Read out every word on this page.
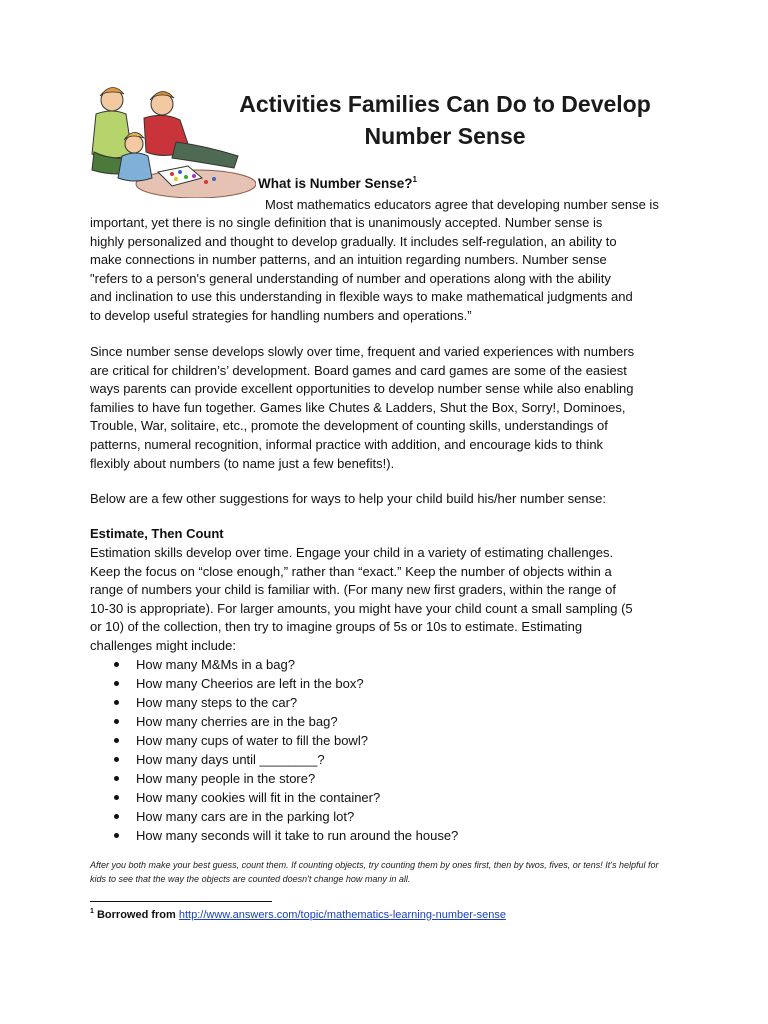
Activities Families Can Do to Develop
Number Sense
What is Number Sense?$^1$
Most mathematics educators agree that developing number sense is
important, yet there is no single definition that is unanimously accepted. Number sense is
highly personalized and thought to develop gradually. It includes self-regulation, an ability to
make connections in number patterns, and an intuition regarding numbers. Number sense
"refers to a person's general understanding of number and operations along with the ability
and inclination to use this understanding in flexible ways to make mathematical judgments and
to develop useful strategies for handling numbers and operations.”
Since number sense develops slowly over time, frequent and varied experiences with numbers
are critical for children’s’ development. Board games and card games are some of the easiest
ways parents can provide excellent opportunities to develop number sense while also enabling
families to have fun together. Games like Chutes & Ladders, Shut the Box, Sorry!, Dominoes,
Trouble, War, solitaire, etc., promote the development of counting skills, understandings of
patterns, numeral recognition, informal practice with addition, and encourage kids to think
flexibly about numbers (to name just a few benefits!).
Below are a few other suggestions for ways to help your child build his/her number sense:
Estimate, Then Count
Estimation skills develop over time. Engage your child in a variety of estimating challenges.
Keep the focus on “close enough,” rather than “exact.” Keep the number of objects within a
range of numbers your child is familiar with. (For many new first graders, within the range of
10-30 is appropriate). For larger amounts, you might have your child count a small sampling (5
or 10) of the collection, then try to imagine groups of 5s or 10s to estimate. Estimating
challenges might include:
How many M&Ms in a bag?
How many Cheerios are left in the box?
How many steps to the car?
How many cherries are in the bag?
How many cups of water to fill the bowl?
How many days until ________?
How many people in the store?
How many cookies will fit in the container?
How many cars are in the parking lot?
How many seconds will it take to run around the house?
After you both make your best guess, count them. If counting objects, try counting them by ones first, then by twos, fives, or tens! It's helpful for kids to see that the way the objects are counted doesn't change how many in all.
$^1$ Borrowed from http://www.answers.com/topic/mathematics-learning-number-sense
